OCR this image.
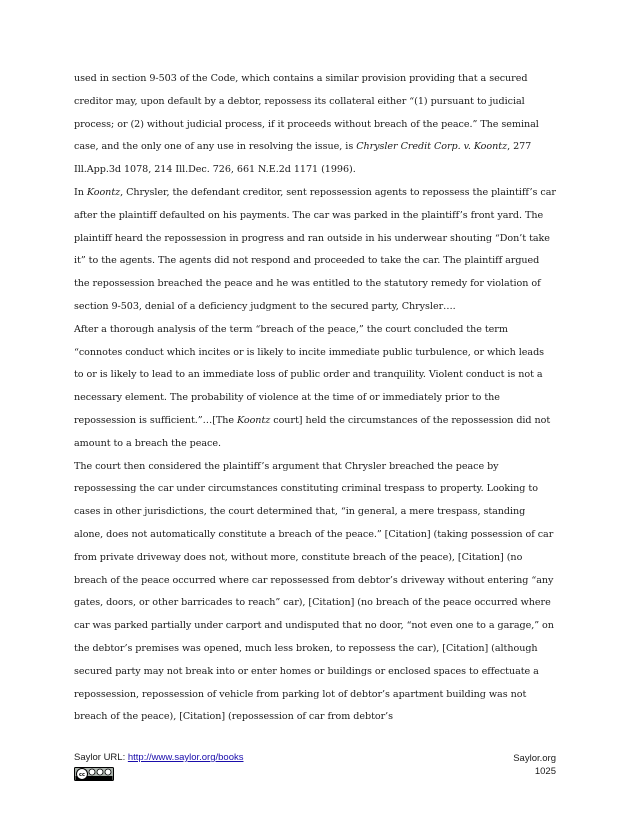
used in section 9-503 of the Code, which contains a similar provision providing that a secured creditor may, upon default by a debtor, repossess its collateral either “(1) pursuant to judicial process; or (2) without judicial process, if it proceeds without breach of the peace.” The seminal case, and the only one of any use in resolving the issue, is Chrysler Credit Corp. v. Koontz, 277 Ill.App.3d 1078, 214 Ill.Dec. 726, 661 N.E.2d 1171 (1996).

In Koontz, Chrysler, the defendant creditor, sent repossession agents to repossess the plaintiff’s car after the plaintiff defaulted on his payments. The car was parked in the plaintiff’s front yard. The plaintiff heard the repossession in progress and ran outside in his underwear shouting “Don’t take it” to the agents. The agents did not respond and proceeded to take the car. The plaintiff argued the repossession breached the peace and he was entitled to the statutory remedy for violation of section 9-503, denial of a deficiency judgment to the secured party, Chrysler….

After a thorough analysis of the term “breach of the peace,” the court concluded the term “connotes conduct which incites or is likely to incite immediate public turbulence, or which leads to or is likely to lead to an immediate loss of public order and tranquility. Violent conduct is not a necessary element. The probability of violence at the time of or immediately prior to the repossession is sufficient.”…[The Koontz court] held the circumstances of the repossession did not amount to a breach the peace.

The court then considered the plaintiff’s argument that Chrysler breached the peace by repossessing the car under circumstances constituting criminal trespass to property. Looking to cases in other jurisdictions, the court determined that, “in general, a mere trespass, standing alone, does not automatically constitute a breach of the peace.” [Citation] (taking possession of car from private driveway does not, without more, constitute breach of the peace), [Citation] (no breach of the peace occurred where car repossessed from debtor’s driveway without entering “any gates, doors, or other barricades to reach” car), [Citation] (no breach of the peace occurred where car was parked partially under carport and undisputed that no door, “not even one to a garage,” on the debtor’s premises was opened, much less broken, to repossess the car), [Citation] (although secured party may not break into or enter homes or buildings or enclosed spaces to effectuate a repossession, repossession of vehicle from parking lot of debtor’s apartment building was not breach of the peace), [Citation] (repossession of car from debtor’s

Saylor URL: http://www.saylor.org/books
cc
Saylor.org
1025
